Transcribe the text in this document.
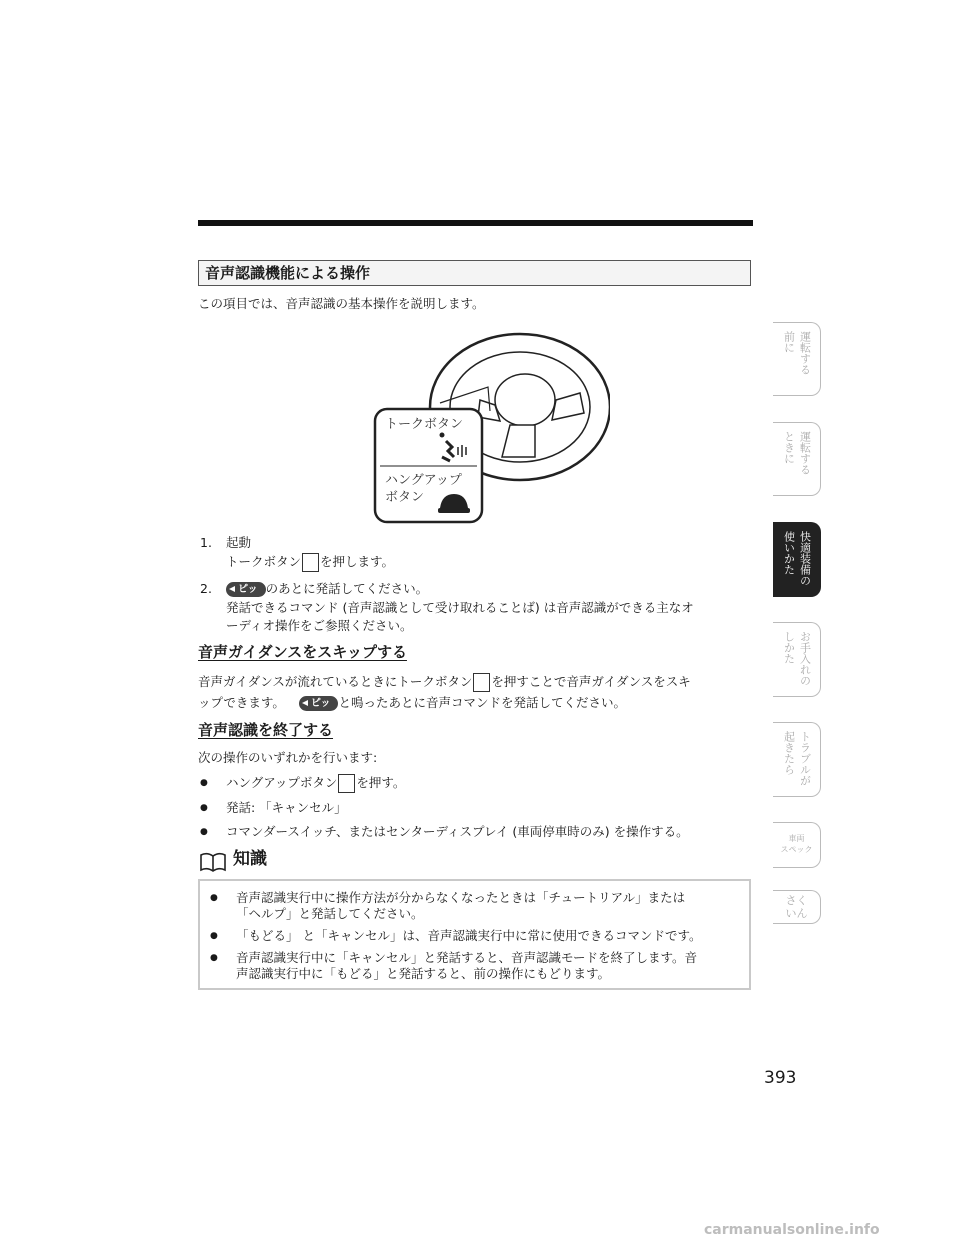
音声認識機能による操作
この項目では、音声認識の基本操作を説明します。
トークボタン
ハングアップ
ボタン
1. 起動
トークボタン を押します。
2.	ピッ のあとに発話してください。
発話できるコマンド (音声認識として受け取れることば) は音声認識ができる主なオ
ーディオ操作をご参照ください。
音声ガイダンスをスキップする
音声ガイダンスが流れているときにトークボタン を押すことで音声ガイダンスをスキ
ップできます。	ピッ と鳴ったあとに音声コマンドを発話してください。
音声認識を終了する
次の操作のいずれかを行います:
● ハングアップボタン を押す。
● 発話: 「キャンセル」
● コマンダースイッチ、またはセンターディスプレイ (車両停車時のみ) を操作する。
知識
● 音声認識実行中に操作方法が分からなくなったときは「チュートリアル」または
「ヘルプ」と発話してください。
● 「もどる」 と「キャンセル」は、音声認識実行中に常に使用できるコマンドです。
● 音声認識実行中に「キャンセル」と発話すると、音声認識モードを終了します。音
声認識実行中に「もどる」と発話すると、前の操作にもどります。
運転する
前に
運転する
ときに
快適装備の
使いかた
お手入れの
しかた
トラブルが
起きたら
車両
スペック
さく
いん
393
carmanualsonline.info
